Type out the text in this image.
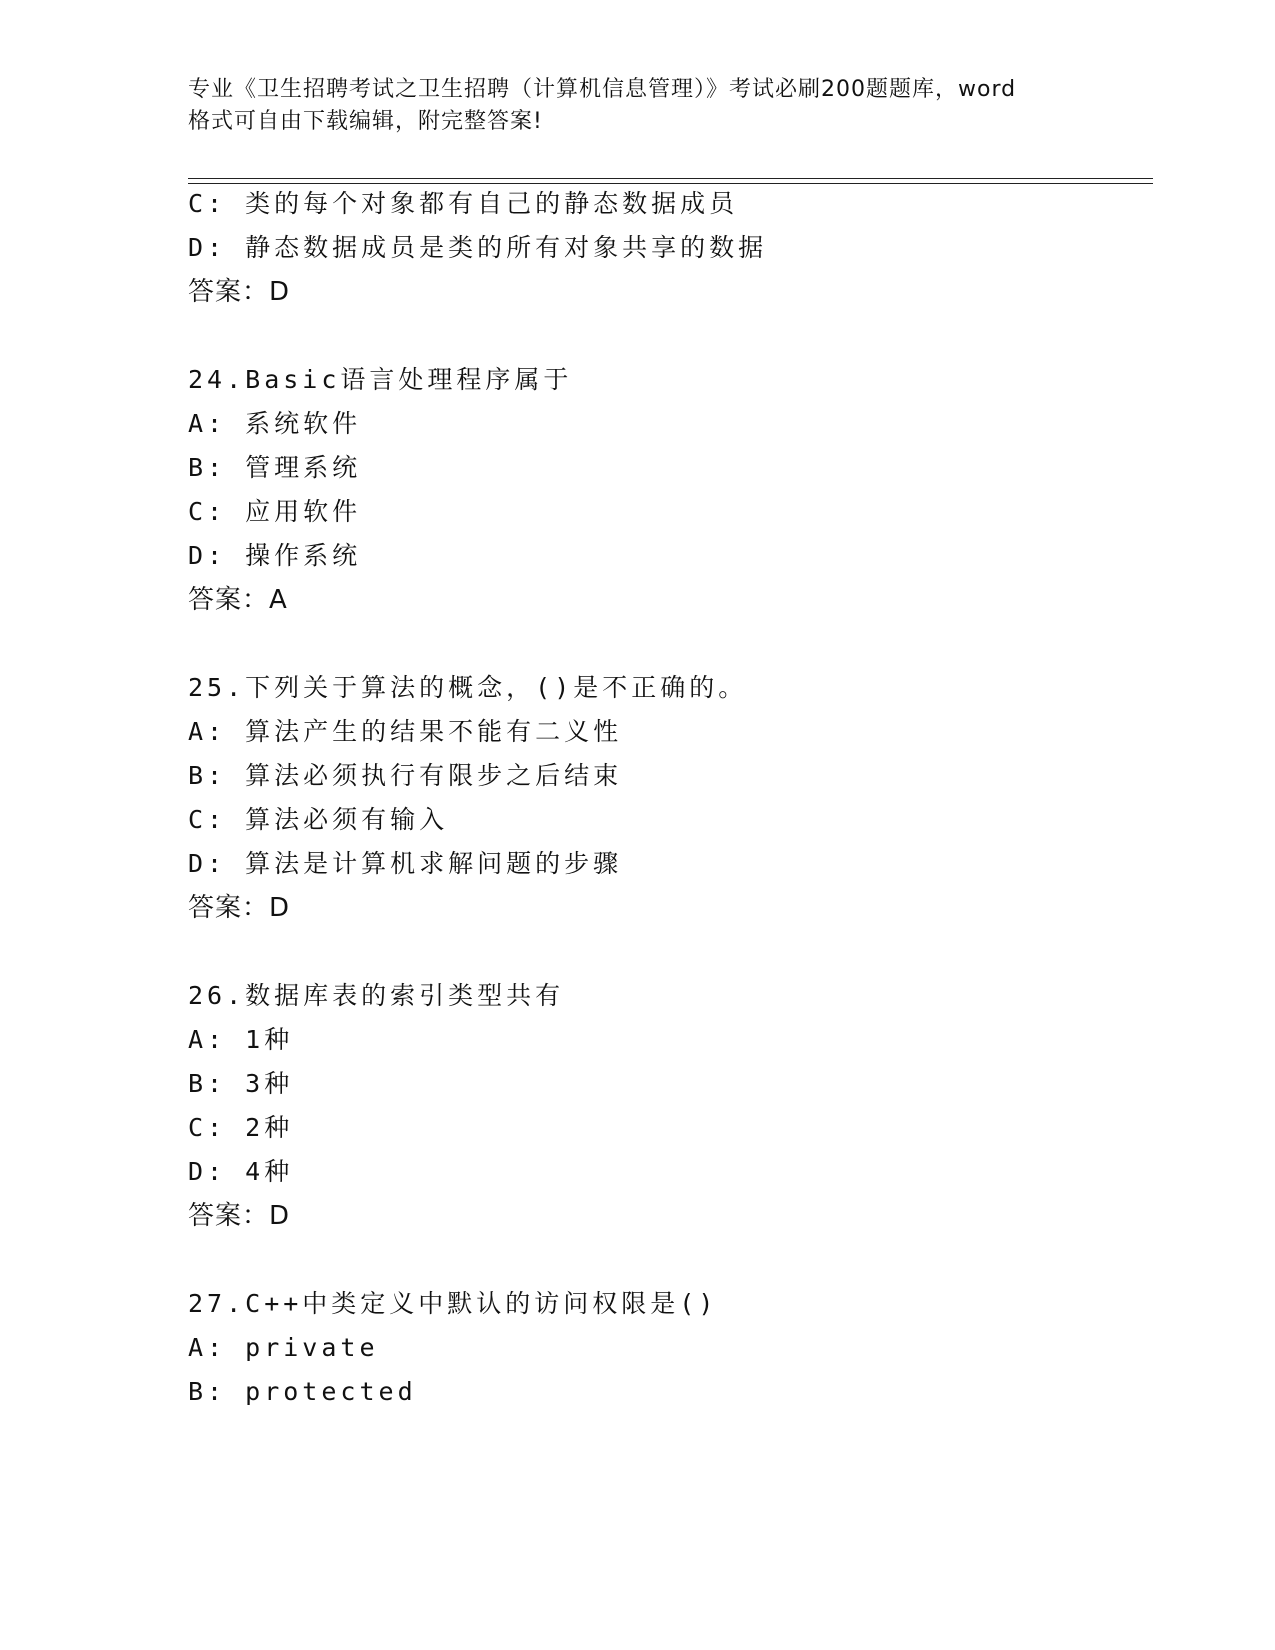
专业《卫生招聘考试之卫生招聘（计算机信息管理）》考试必刷200题题库，word
格式可自由下载编辑，附完整答案!
C: 类的每个对象都有自己的静态数据成员
D: 静态数据成员是类的所有对象共享的数据
答案：D
24.Basic语言处理程序属于
A: 系统软件
B: 管理系统
C: 应用软件
D: 操作系统
答案：A
25.下列关于算法的概念，()是不正确的。
A: 算法产生的结果不能有二义性
B: 算法必须执行有限步之后结束
C: 算法必须有输入
D: 算法是计算机求解问题的步骤
答案：D
26.数据库表的索引类型共有
A: 1种
B: 3种
C: 2种
D: 4种
答案：D
27.C++中类定义中默认的访问权限是()
A: private
B: protected
